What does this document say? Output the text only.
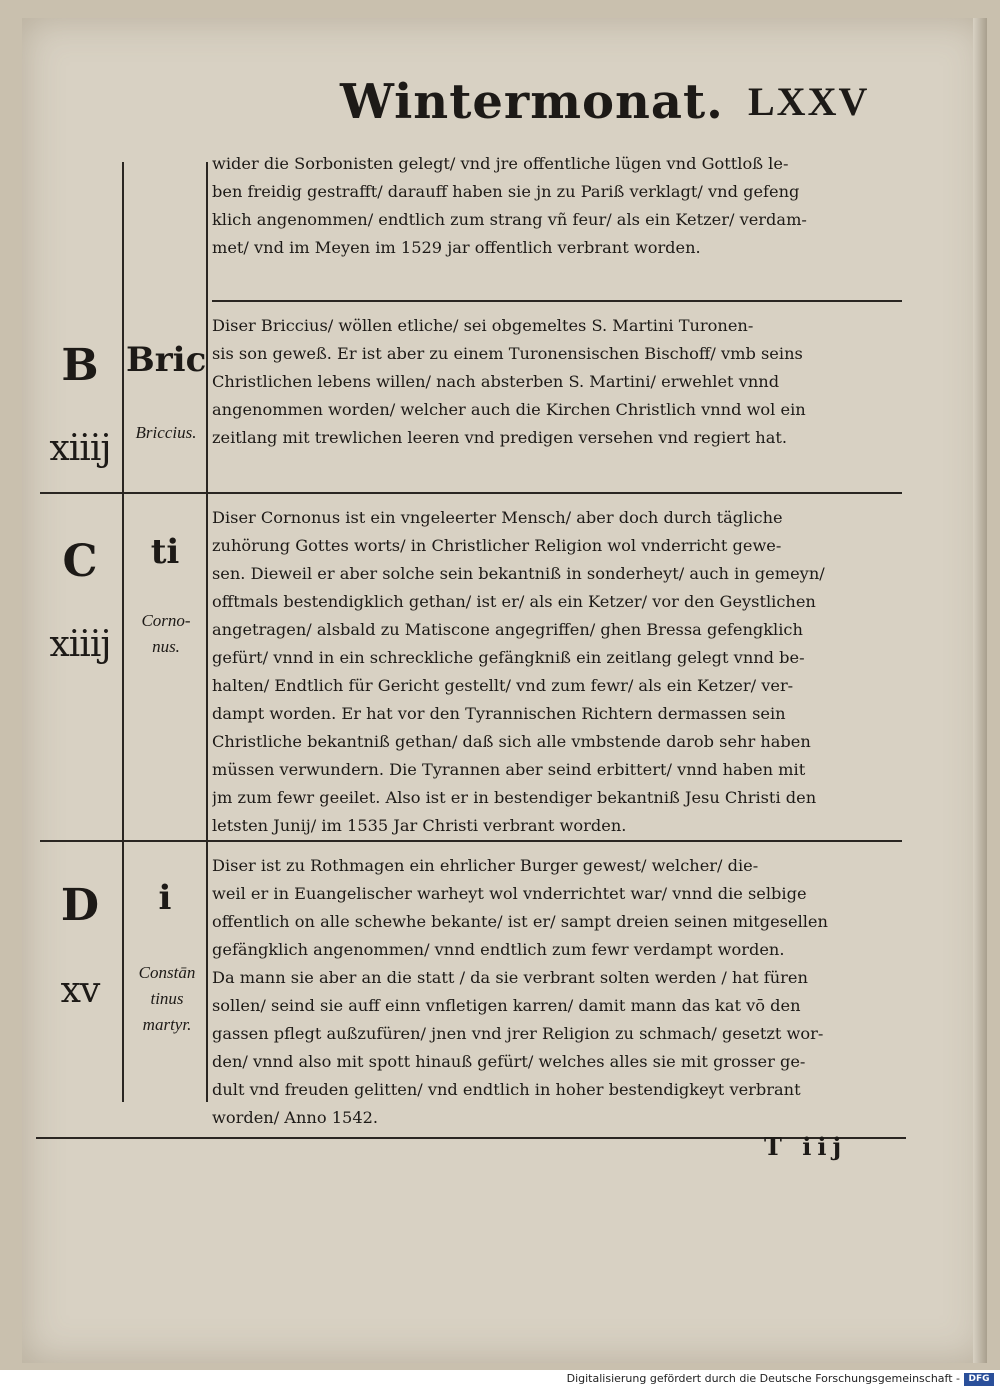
Wintermonat. LXXV
wider die Sorbonisten gelegt/ vnd jre offentliche lügen vnd Gottloß le-
ben freidig gestrafft/ darauff haben sie jn zu Pariß verklagt/ vnd gefeng
klich angenommen/ endtlich zum strang vñ feur/ als ein Ketzer/ verdam-
met/ vnd im Meyen im 1529 jar offentlich verbrant worden.
B
xiiij
Bric
Briccius.
Diser Briccius/ wöllen etliche/ sei obgemeltes S. Martini Turonen-
sis son geweß. Er ist aber zu einem Turonensischen Bischoff/ vmb seins
Christlichen lebens willen/ nach absterben S. Martini/ erwehlet vnnd
angenommen worden/ welcher auch die Kirchen Christlich vnnd wol ein
zeitlang mit trewlichen leeren vnd predigen versehen vnd regiert hat.
C
xiiij
ti
Corno- nus.
Diser Cornonus ist ein vngeleerter Mensch/ aber doch durch tägliche
zuhörung Gottes worts/ in Christlicher Religion wol vnderricht gewe-
sen. Dieweil er aber solche sein bekantniß in sonderheyt/ auch in gemeyn/
offtmals bestendigklich gethan/ ist er/ als ein Ketzer/ vor den Geystlichen
angetragen/ alsbald zu Matiscone angegriffen/ ghen Bressa gefengklich
gefürt/ vnnd in ein schreckliche gefängkniß ein zeitlang gelegt vnnd be-
halten/ Endtlich für Gericht gestellt/ vnd zum fewr/ als ein Ketzer/ ver-
dampt worden. Er hat vor den Tyrannischen Richtern dermassen sein
Christliche bekantniß gethan/ daß sich alle vmbstende darob sehr haben
müssen verwundern. Die Tyrannen aber seind erbittert/ vnnd haben mit
jm zum fewr geeilet. Also ist er in bestendiger bekantniß Jesu Christi den
letsten Junij/ im 1535 Jar Christi verbrant worden.
D
xv
i
Constān tinus martyr.
Diser ist zu Rothmagen ein ehrlicher Burger gewest/ welcher/ die-
weil er in Euangelischer warheyt wol vnderrichtet war/ vnnd die selbige
offentlich on alle schewhe bekante/ ist er/ sampt dreien seinen mitgesellen
gefängklich angenommen/ vnnd endtlich zum fewr verdampt worden.
Da mann sie aber an die statt / da sie verbrant solten werden / hat füren
sollen/ seind sie auff einn vnfletigen karren/ damit mann das kat vō den
gassen pflegt außzufüren/ jnen vnd jrer Religion zu schmach/ gesetzt wor-
den/ vnnd also mit spott hinauß gefürt/ welches alles sie mit grosser ge-
dult vnd freuden gelitten/ vnd endtlich in hoher bestendigkeyt verbrant
worden/ Anno 1542.
T iij
Digitalisierung gefördert durch die Deutsche Forschungsgemeinschaft - DFG
